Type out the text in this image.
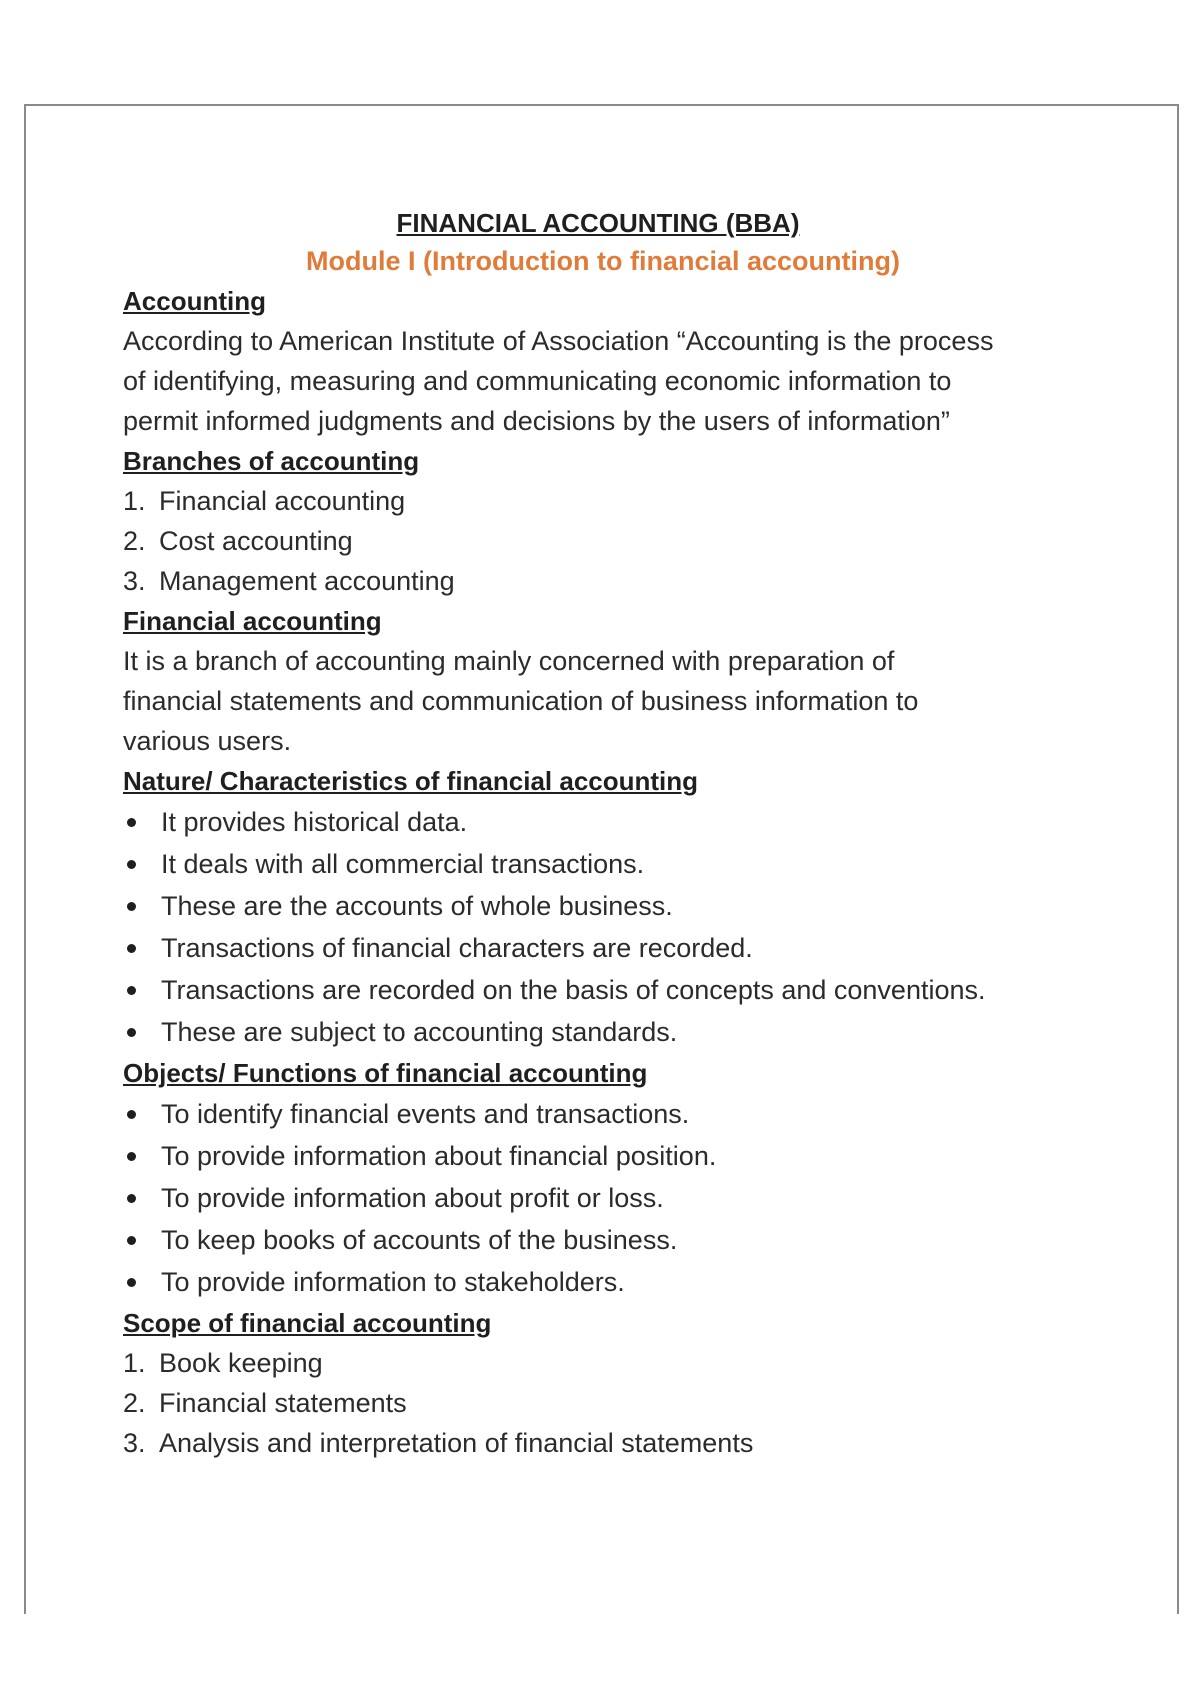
FINANCIAL ACCOUNTING (BBA)
Module I (Introduction to financial accounting)
Accounting

According to American Institute of Association “Accounting is the process of identifying, measuring and communicating economic information to permit informed judgments and decisions by the users of information”

Branches of accounting
1. Financial accounting
2. Cost accounting
3. Management accounting
Financial accounting

It is a branch of accounting mainly concerned with preparation of financial statements and communication of business information to various users.

Nature/ Characteristics of financial accounting
It provides historical data.
It deals with all commercial transactions.
These are the accounts of whole business.
Transactions of financial characters are recorded.
Transactions are recorded on the basis of concepts and conventions.
These are subject to accounting standards.
Objects/ Functions of financial accounting
To identify financial events and transactions.
To provide information about financial position.
To provide information about profit or loss.
To keep books of accounts of the business.
To provide information to stakeholders.
Scope of financial accounting
1. Book keeping
2. Financial statements
3. Analysis and interpretation of financial statements
